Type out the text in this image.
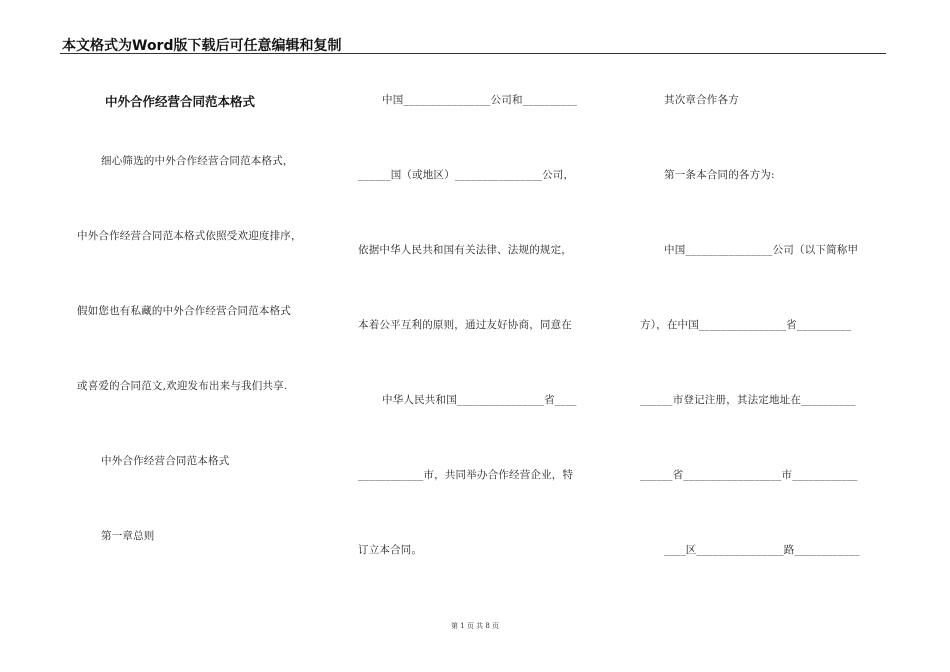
本文格式为Word版下载后可任意编辑和复制
中外合作经营合同范本格式
细心筛选的中外合作经营合同范本格式，
中外合作经营合同范本格式依照受欢迎度排序，
假如您也有私藏的中外合作经营合同范本格式
或喜爱的合同范文,欢迎发布出来与我们共享.
中外合作经营合同范本格式
第一章总则
中国________________公司和__________
______国（或地区）________________公司，
依据中华人民共和国有关法律、法规的规定，
本着公平互利的原则，通过友好协商，同意在
中华人民共和国________________省____
____________市，共同举办合作经营企业，特
订立本合同。
其次章合作各方
第一条本合同的各方为:
中国________________公司（以下简称甲
方），在中国________________省__________
______市登记注册，其法定地址在__________
______省__________________市____________
____区________________路____________
第 1 页 共 8 页
